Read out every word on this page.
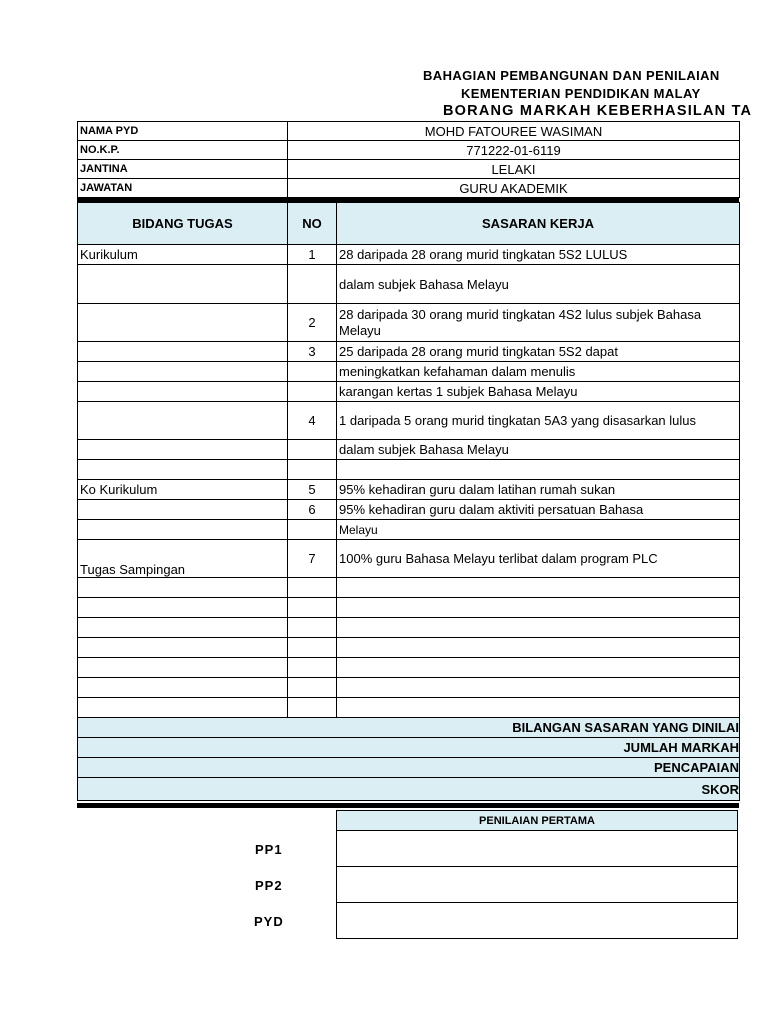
BAHAGIAN PEMBANGUNAN DAN PENILAIAN
KEMENTERIAN PENDIDIKAN MALAY
BORANG MARKAH KEBERHASILAN TA
NAMA PYD	MOHD FATOUREE WASIMAN
NO.K.P.	771222-01-6119
JANTINA	LELAKI
JAWATAN	GURU AKADEMIK
BIDANG TUGAS	NO	SASARAN KERJA
Kurikulum	1	28 daripada 28 orang murid tingkatan 5S2 LULUS
		dalam subjek Bahasa Melayu
	2	28 daripada 30 orang murid tingkatan 4S2 lulus subjek Bahasa Melayu
	3	25 daripada 28 orang murid tingkatan 5S2 dapat
		meningkatkan kefahaman dalam menulis
		karangan kertas 1 subjek Bahasa Melayu
	4	1 daripada 5 orang murid tingkatan 5A3 yang disasarkan lulus
		dalam subjek Bahasa Melayu

Ko Kurikulum	5	95% kehadiran guru dalam latihan rumah sukan
	6	95% kehadiran guru dalam aktiviti persatuan Bahasa
		Melayu
Tugas Sampingan	7	100% guru Bahasa Melayu terlibat dalam program PLC

BILANGAN SASARAN YANG DINILAI		
JUMLAH MARKAH		
PENCAPAIAN		
SKOR		
PENILAIAN PERTAMA

PP1
PP2
PYD
